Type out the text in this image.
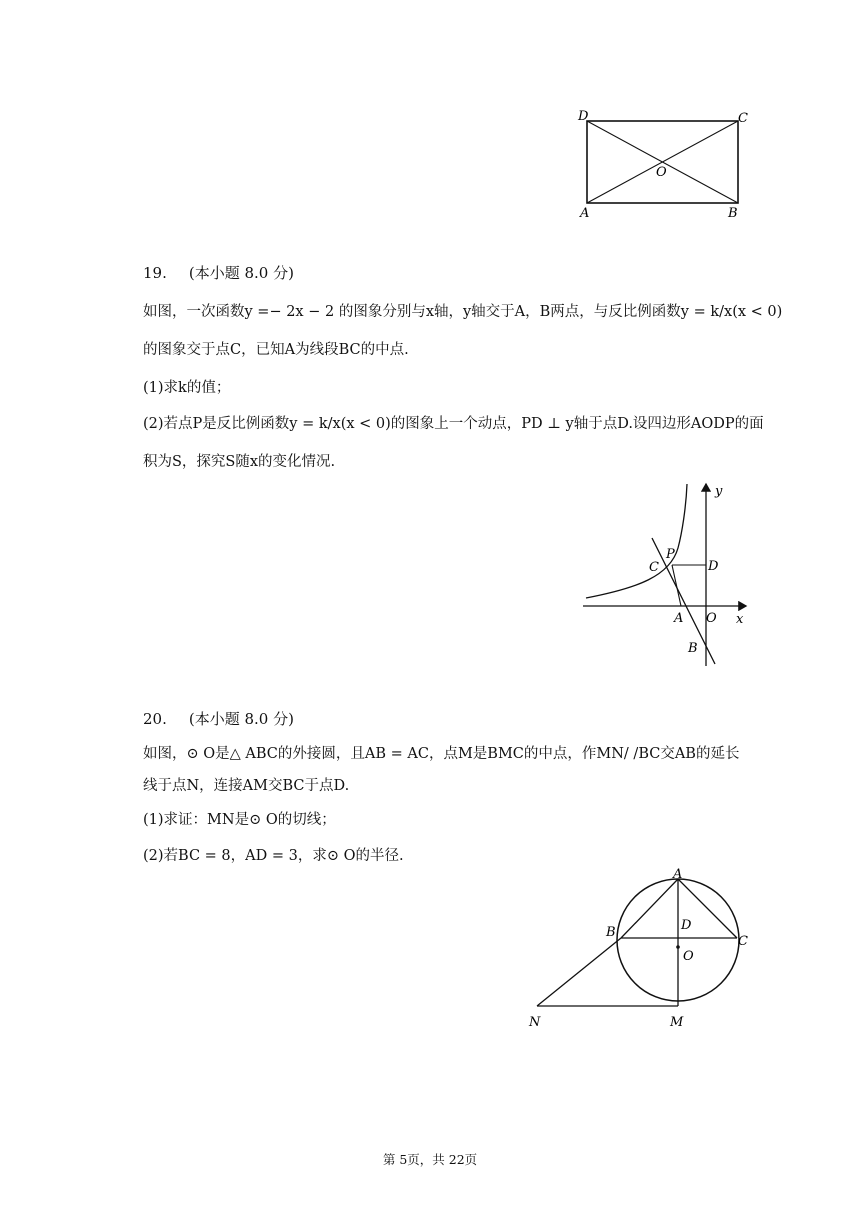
D	C
O
A	B
19. (本小题 8.0 分)
如图，一次函数y =− 2x − 2 的图象分别与x轴，y轴交于A，B两点，与反比例函数y = k/x(x < 0)
的图象交于点C，已知A为线段BC的中点.
(1)求k的值；
(2)若点P是反比例函数y = k/x(x < 0)的图象上一个动点，PD ⊥ y轴于点D.设四边形AODP的面
积为S，探究S随x的变化情况.
y
x
P
C	D
A O
B
20. (本小题 8.0 分)
如图，⊙ O是△ ABC的外接圆，且AB = AC，点M是BMC的中点，作MN/ /BC交AB的延长
线于点N，连接AM交BC于点D.
(1)求证：MN是⊙ O的切线；
(2)若BC = 8，AD = 3，求⊙ O的半径.
A
B
C
D
O
N	M
第 5页，共 22页
